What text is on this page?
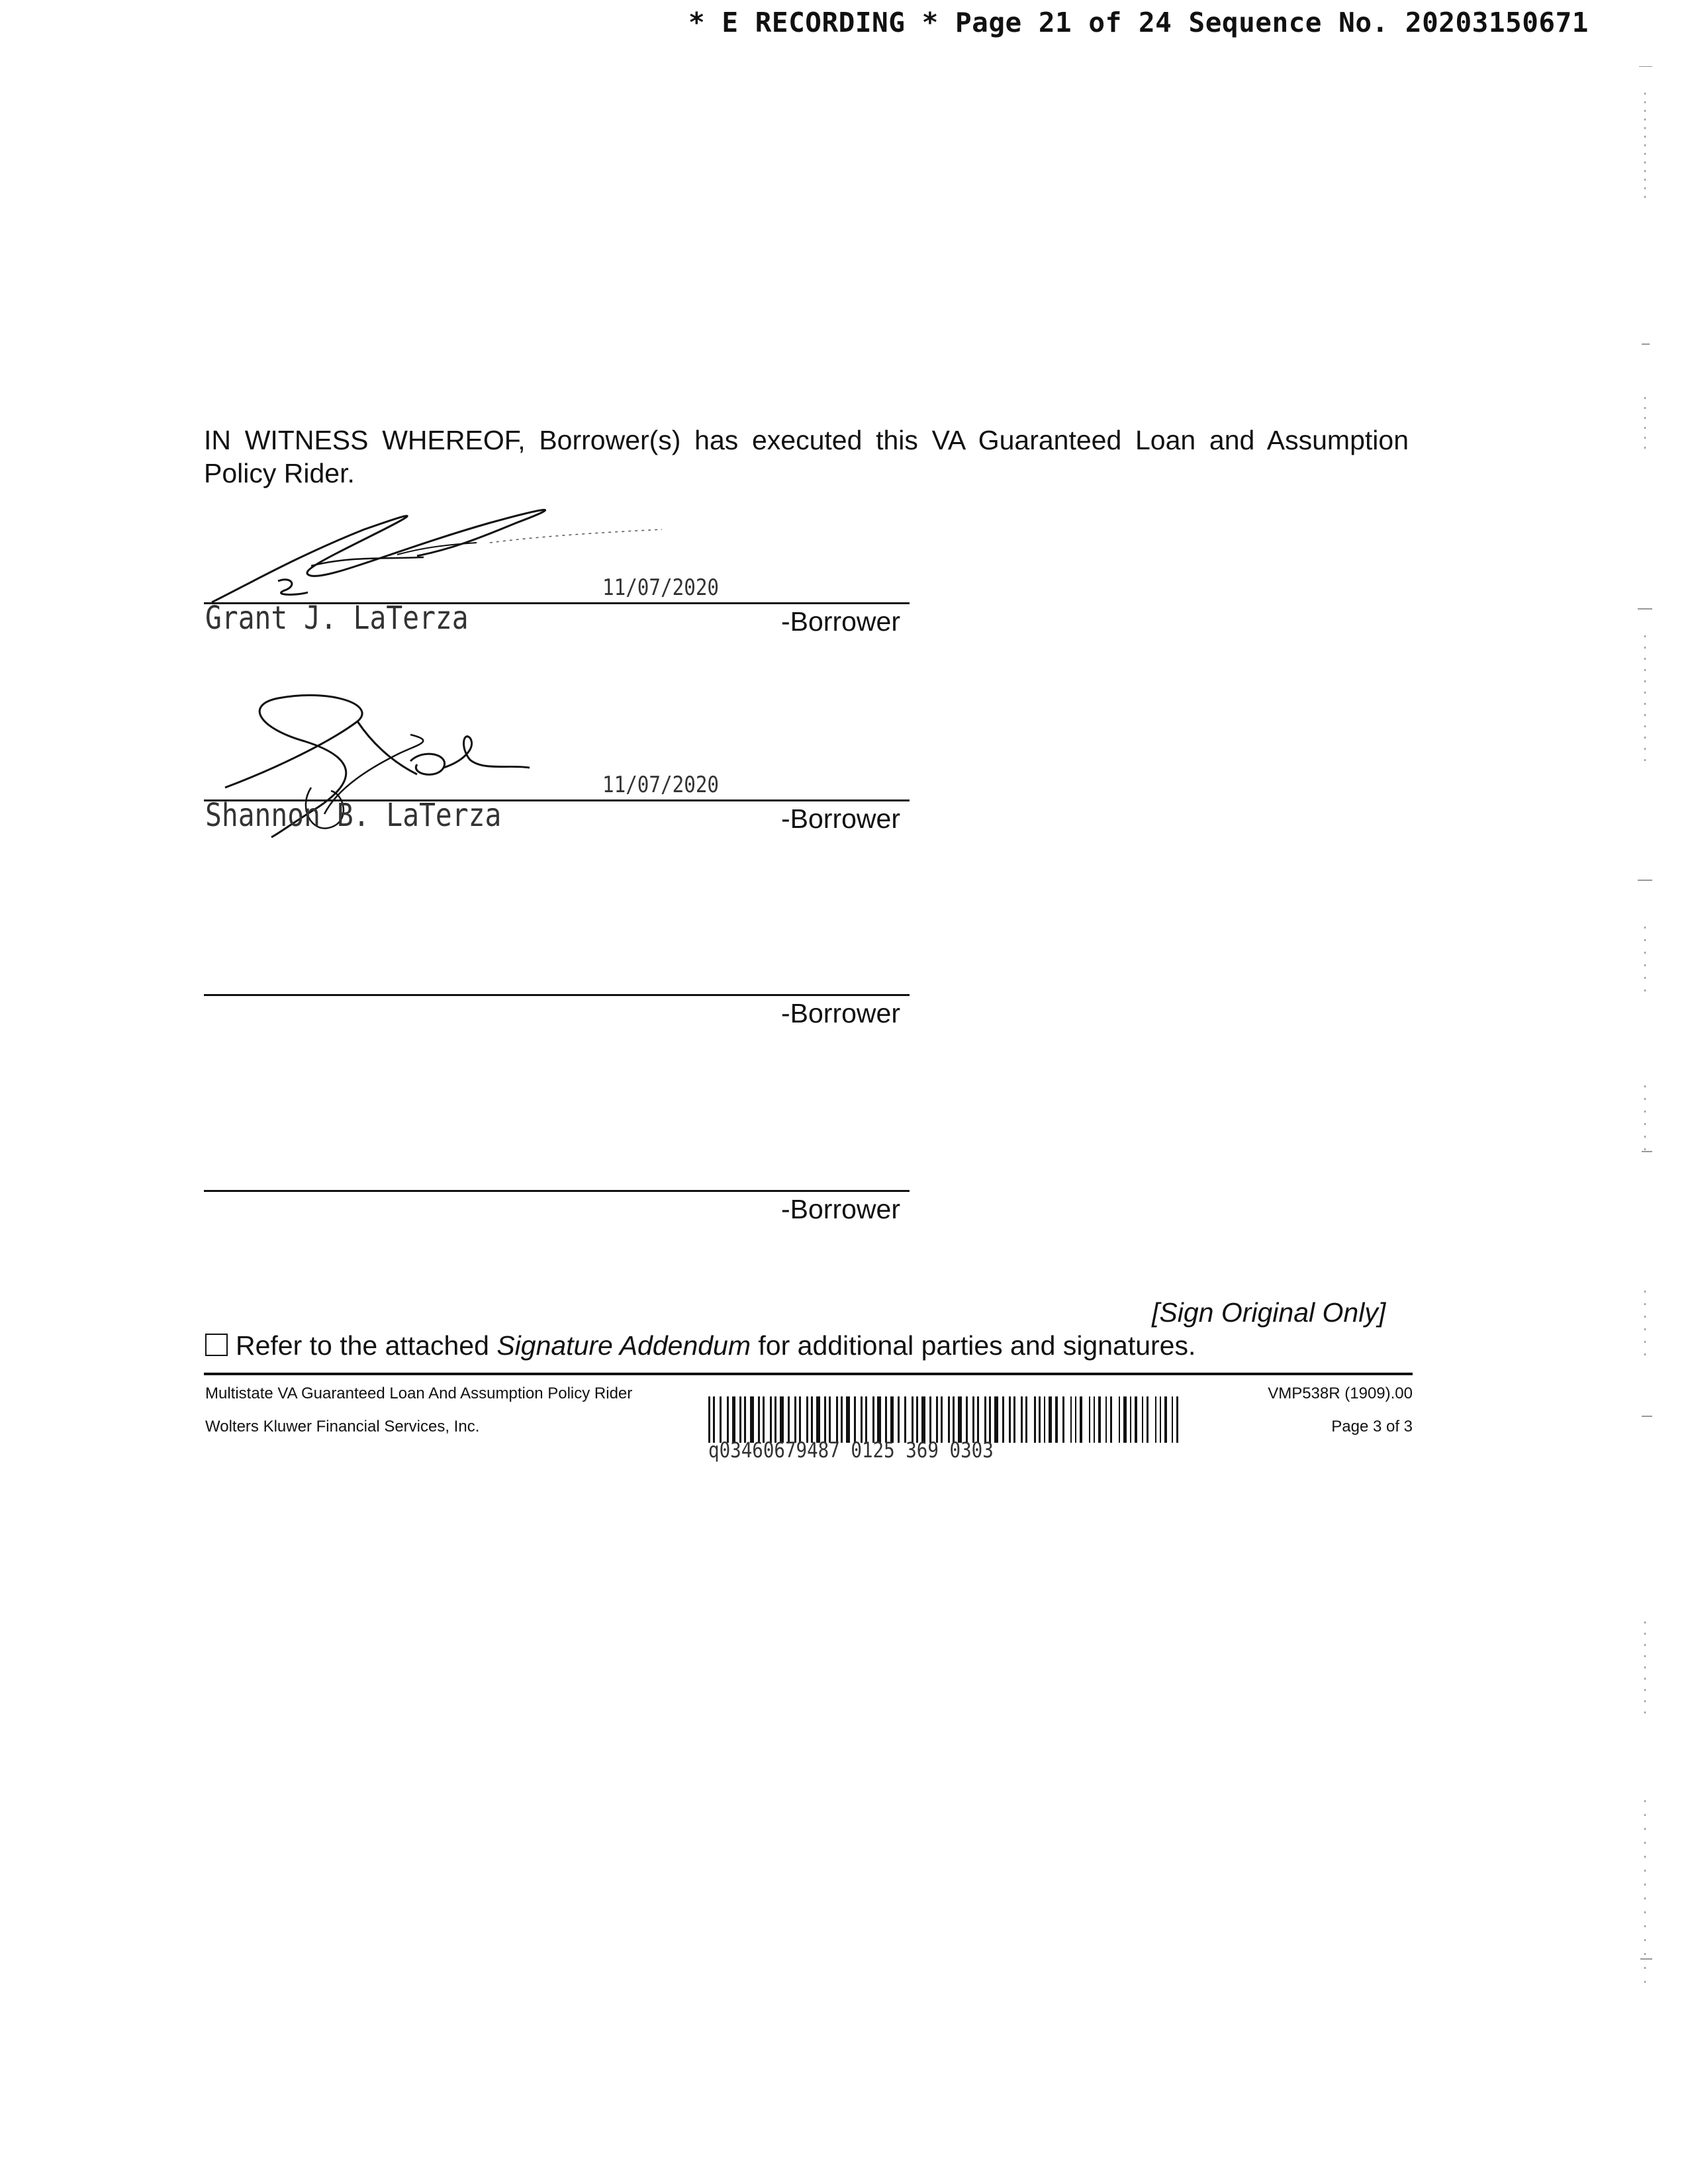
* E RECORDING * Page 21 of 24 Sequence No. 20203150671
IN WITNESS WHEREOF, Borrower(s) has executed this VA Guaranteed Loan and Assumption Policy Rider.
11/07/2020
Grant J. LaTerza	-Borrower
11/07/2020
Shannon B. LaTerza	-Borrower
-Borrower
-Borrower
[Sign Original Only]
Refer to the attached Signature Addendum for additional parties and signatures.
Multistate VA Guaranteed Loan And Assumption Policy Rider
Wolters Kluwer Financial Services, Inc.
q03460679487 0125 369 0303
VMP538R (1909).00
Page 3 of 3
